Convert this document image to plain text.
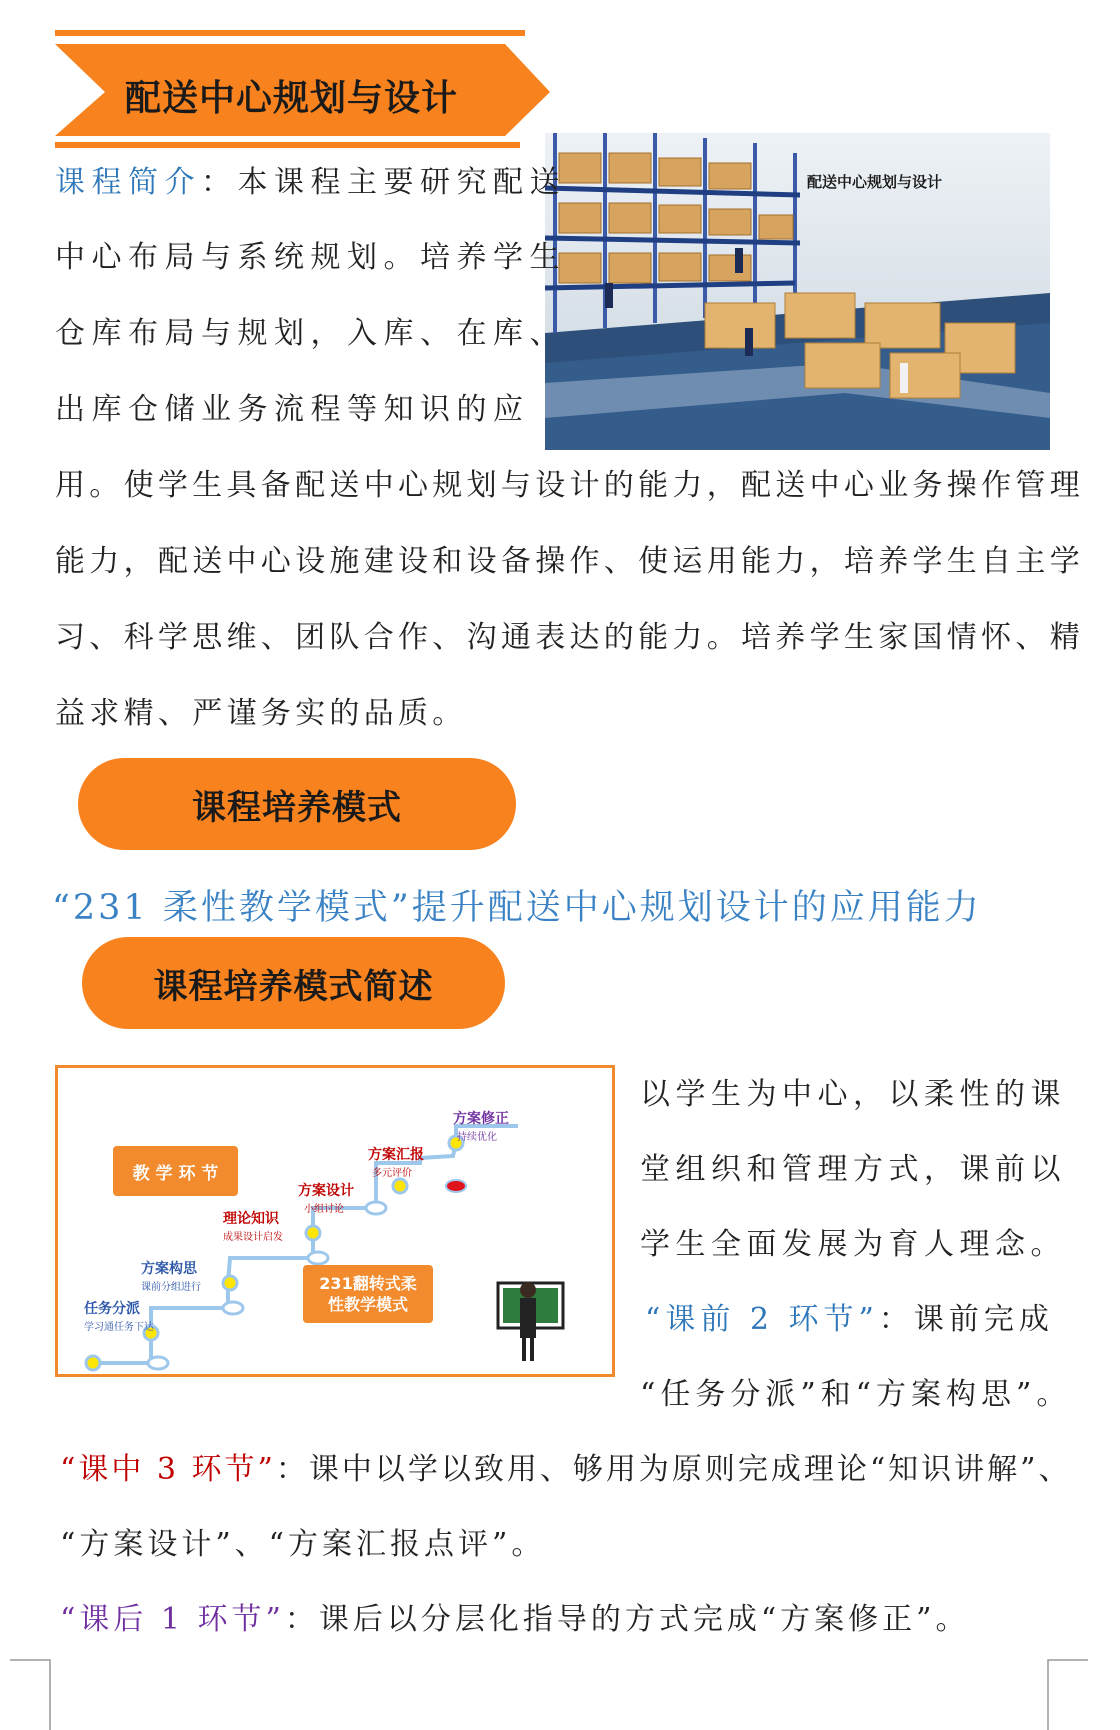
配送中心规划与设计
配送中心规划与设计
课程简介：本课程主要研究配送
中心布局与系统规划。培养学生
仓库布局与规划，入库、在库、
出库仓储业务流程等知识的应
用。使学生具备配送中心规划与设计的能力，配送中心业务操作管理
能力，配送中心设施建设和设备操作、使运用能力，培养学生自主学
习、科学思维、团队合作、沟通表达的能力。培养学生家国情怀、精
益求精、严谨务实的品质。
课程培养模式
“231 柔性教学模式”提升配送中心规划设计的应用能力
课程培养模式简述
教 学 环 节
231翻转式柔
性教学模式
任务分派
学习通任务下达
方案构思
课前分组进行
理论知识
成果设计启发
方案设计
小组讨论
方案汇报
多元评价
方案修正
持续优化
以学生为中心，以柔性的课
堂组织和管理方式，课前以
学生全面发展为育人理念。
“课前 2 环节”：课前完成
“任务分派”和“方案构思”。
“课中 3 环节”：课中以学以致用、够用为原则完成理论“知识讲解”、
“方案设计”、“方案汇报点评”。
“课后 1 环节”：课后以分层化指导的方式完成“方案修正”。
